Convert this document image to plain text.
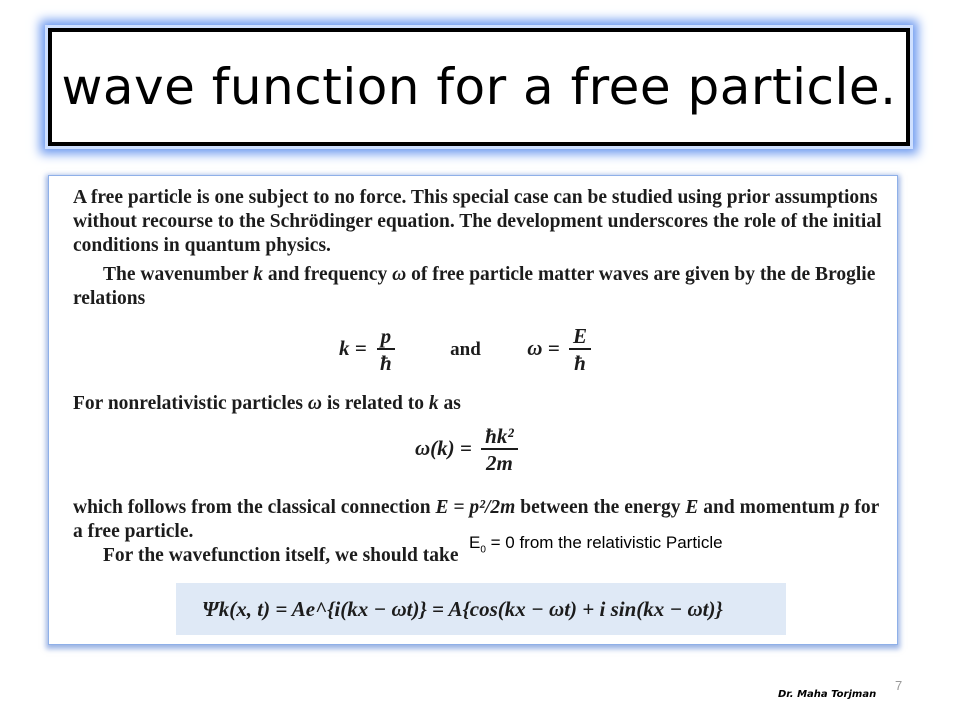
wave function for a free particle.

A free particle is one subject to no force. This special case can be studied using prior assumptions without recourse to the Schrödinger equation. The development underscores the role of the initial conditions in quantum physics.

The wavenumber k and frequency ω of free particle matter waves are given by the de Broglie relations

$k = \frac{p}{ħ}$	and $\omega = \frac{E}{ħ}$

For nonrelativistic particles ω is related to k as

$\omega(k) = \frac{\text{ħk²}}{2m}$

which follows from the classical connection E = p²/2m between the energy E and momentum p for a free particle.

For the wavefunction itself, we should take

$E_0 = 0$ from the relativistic Particle
Ψk(x, t) = Ae^{i(kx − ωt)} = A{cos(kx − ωt) + i sin(kx − ωt)}
Dr. Maha Torjman
7
